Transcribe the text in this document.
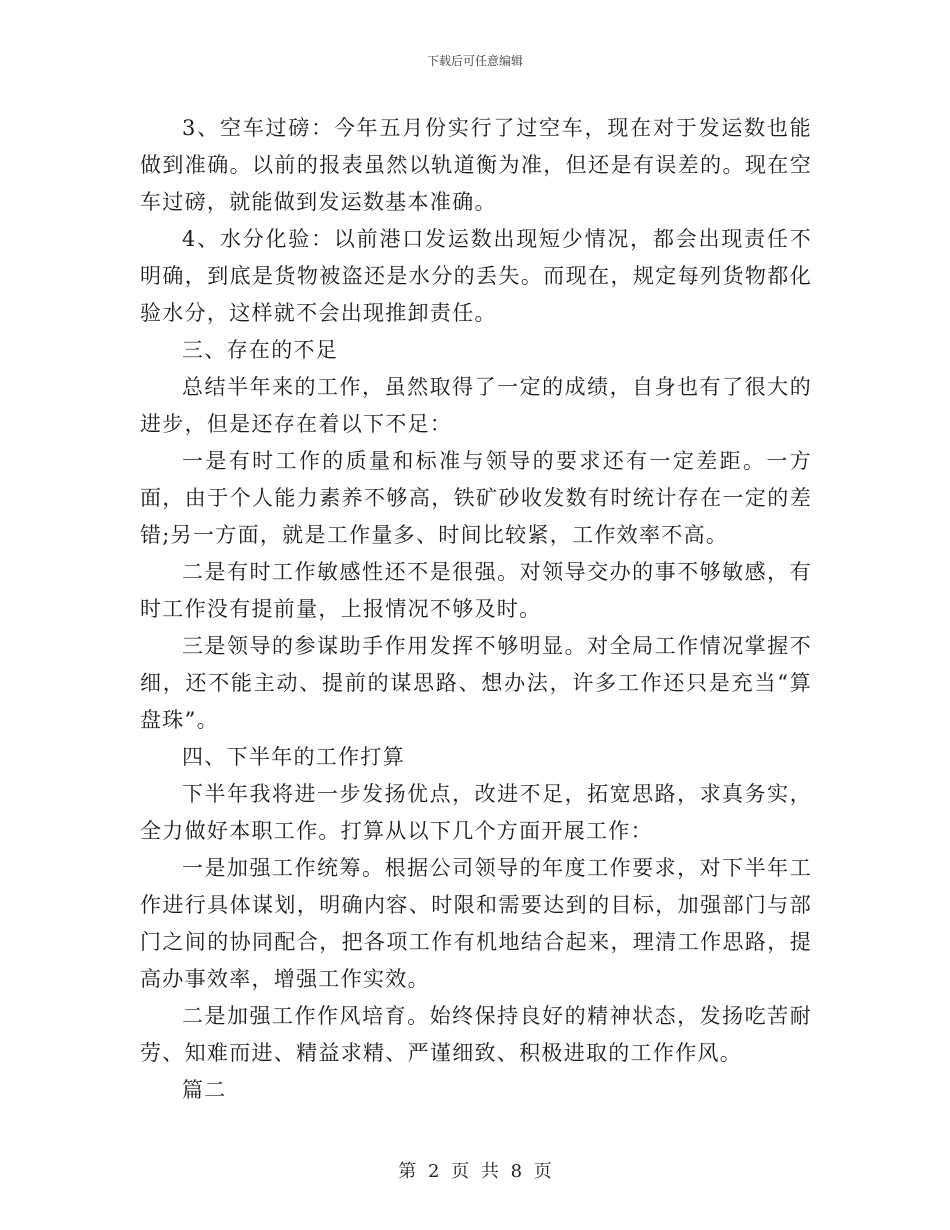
下载后可任意编辑

3、空车过磅：今年五月份实行了过空车，现在对于发运数也能做到准确。以前的报表虽然以轨道衡为准，但还是有误差的。现在空车过磅，就能做到发运数基本准确。

4、水分化验：以前港口发运数出现短少情况，都会出现责任不明确，到底是货物被盗还是水分的丢失。而现在，规定每列货物都化验水分，这样就不会出现推卸责任。

三、存在的不足

总结半年来的工作，虽然取得了一定的成绩，自身也有了很大的进步，但是还存在着以下不足：

一是有时工作的质量和标准与领导的要求还有一定差距。一方面，由于个人能力素养不够高，铁矿砂收发数有时统计存在一定的差错;另一方面，就是工作量多、时间比较紧，工作效率不高。

二是有时工作敏感性还不是很强。对领导交办的事不够敏感，有时工作没有提前量，上报情况不够及时。

三是领导的参谋助手作用发挥不够明显。对全局工作情况掌握不细，还不能主动、提前的谋思路、想办法，许多工作还只是充当“算盘珠”。

四、下半年的工作打算

下半年我将进一步发扬优点，改进不足，拓宽思路，求真务实，全力做好本职工作。打算从以下几个方面开展工作：

一是加强工作统筹。根据公司领导的年度工作要求，对下半年工作进行具体谋划，明确内容、时限和需要达到的目标，加强部门与部门之间的协同配合，把各项工作有机地结合起来，理清工作思路，提高办事效率，增强工作实效。

二是加强工作作风培育。始终保持良好的精神状态，发扬吃苦耐劳、知难而进、精益求精、严谨细致、积极进取的工作作风。

篇二

第 2 页 共 8 页
